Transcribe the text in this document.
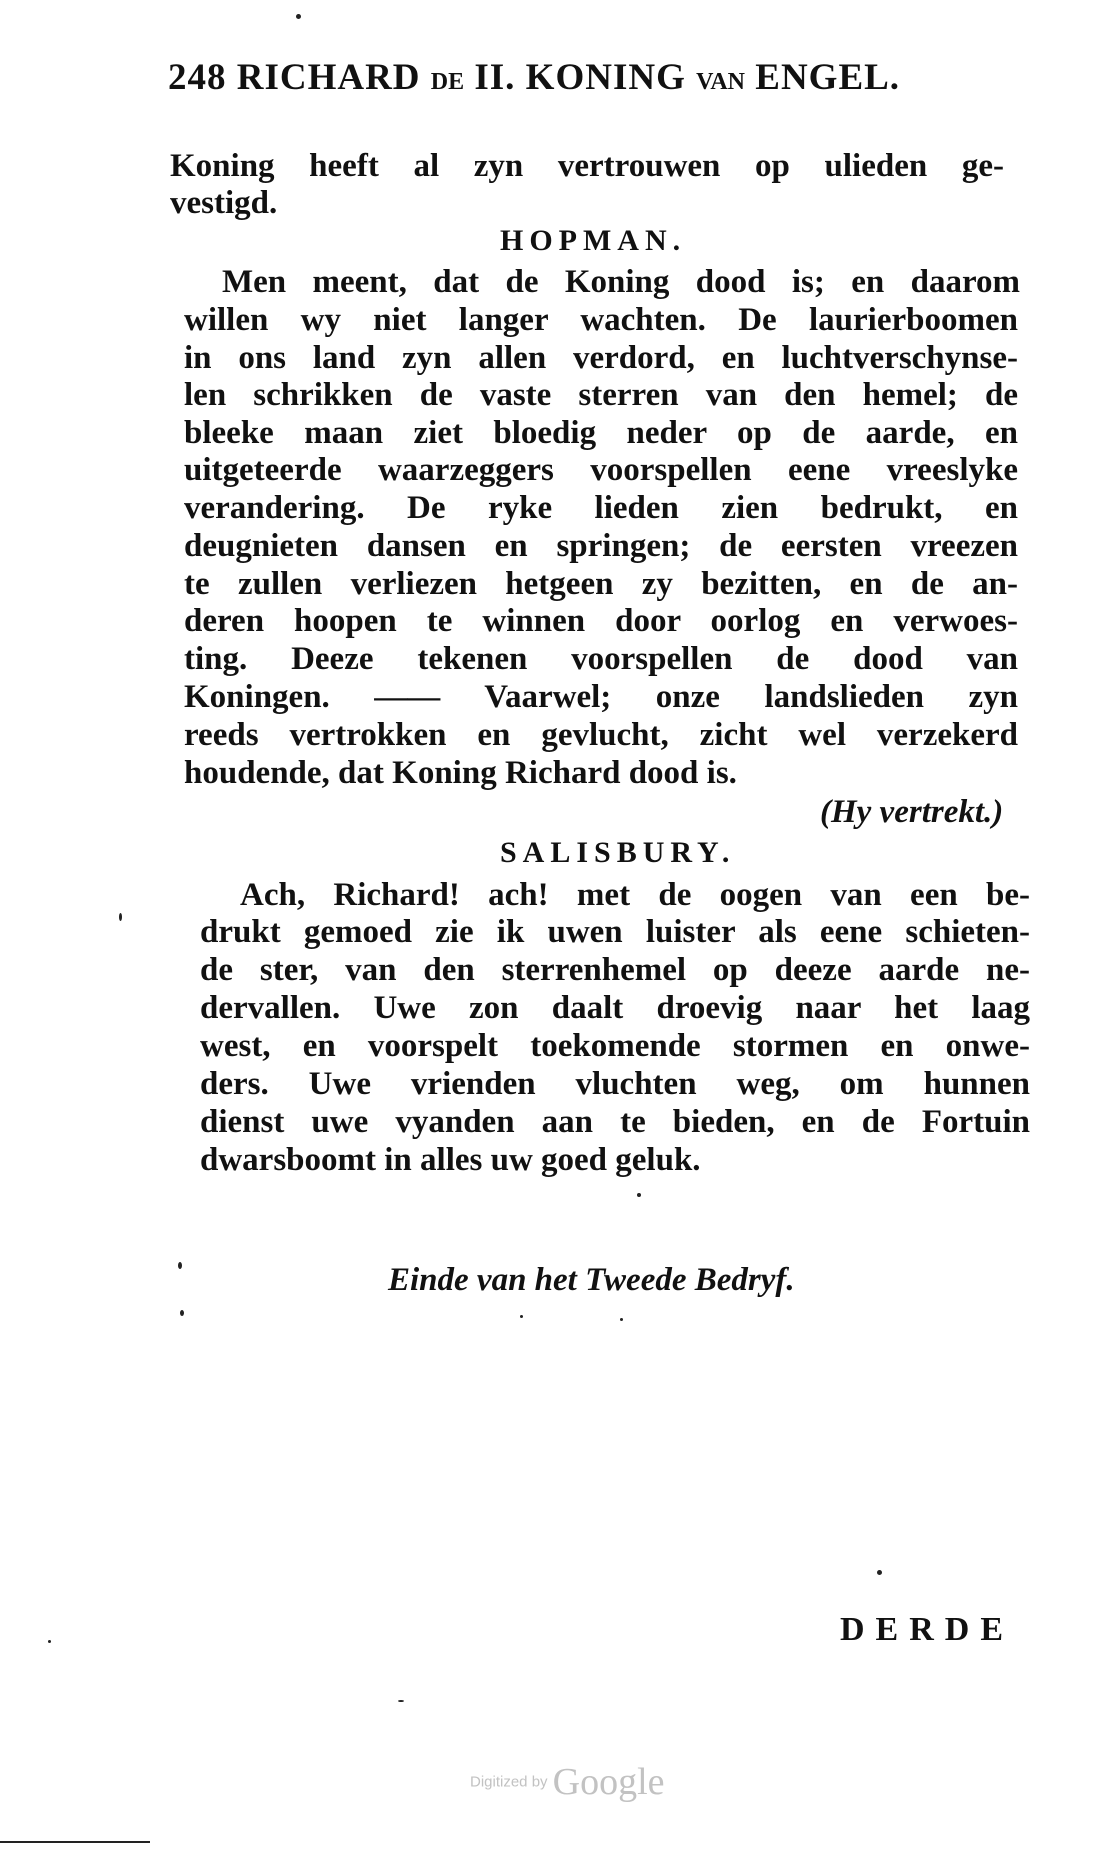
248 RICHARD DE II. KONING VAN ENGEL.
Koning heeft al zyn vertrouwen op ulieden ge-
vestigd.
HOPMAN.
Men meent, dat de Koning dood is; en daarom
willen wy niet langer wachten. De laurierboomen
in ons land zyn allen verdord, en luchtverschynse-
len schrikken de vaste sterren van den hemel; de
bleeke maan ziet bloedig neder op de aarde, en
uitgeteerde waarzeggers voorspellen eene vreeslyke
verandering. De ryke lieden zien bedrukt, en
deugnieten dansen en springen; de eersten vreezen
te zullen verliezen hetgeen zy bezitten, en de an-
deren hoopen te winnen door oorlog en verwoes-
ting. Deeze tekenen voorspellen de dood van
Koningen. —— Vaarwel; onze landslieden zyn
reeds vertrokken en gevlucht, zicht wel verzekerd
houdende, dat Koning Richard dood is.
(Hy vertrekt.)
SALISBURY.
Ach, Richard! ach! met de oogen van een be-
drukt gemoed zie ik uwen luister als eene schieten-
de ster, van den sterrenhemel op deeze aarde ne-
dervallen. Uwe zon daalt droevig naar het laag
west, en voorspelt toekomende stormen en onwe-
ders. Uwe vrienden vluchten weg, om hunnen
dienst uwe vyanden aan te bieden, en de Fortuin
dwarsboomt in alles uw goed geluk.
Einde van het Tweede Bedryf.
DERDE
Digitized by Google
